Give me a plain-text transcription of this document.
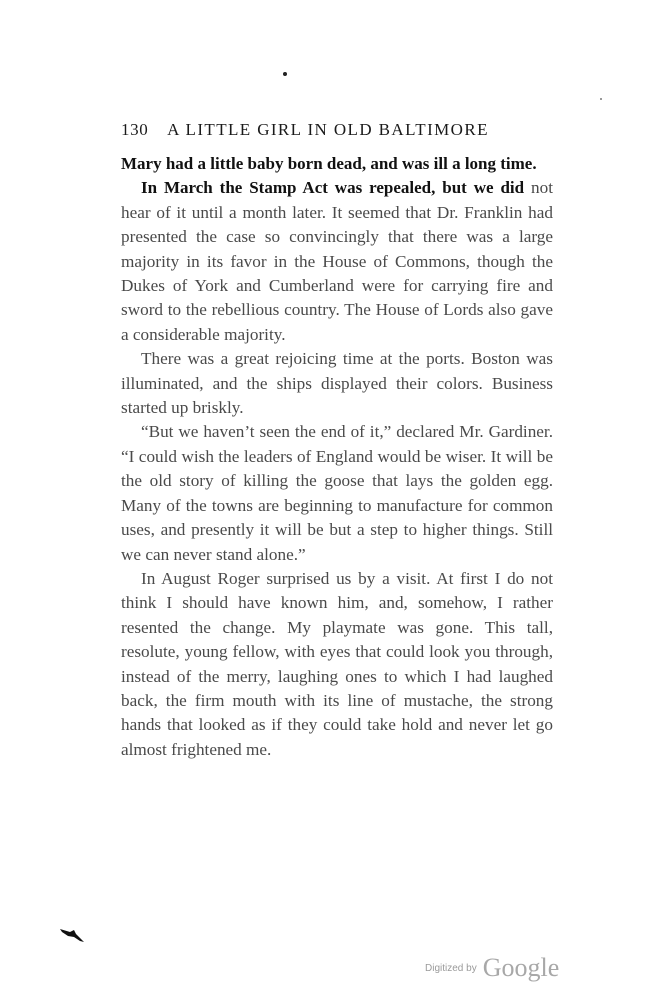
130 A LITTLE GIRL IN OLD BALTIMORE

Mary had a little baby born dead, and was ill a long time.

In March the Stamp Act was repealed, but we did not hear of it until a month later. It seemed that Dr. Franklin had presented the case so convincingly that there was a large majority in its favor in the House of Commons, though the Dukes of York and Cumberland were for carrying fire and sword to the rebellious country. The House of Lords also gave a considerable majority.

There was a great rejoicing time at the ports. Boston was illuminated, and the ships displayed their colors. Business started up briskly.

“But we haven’t seen the end of it,” declared Mr. Gardiner. “I could wish the leaders of England would be wiser. It will be the old story of killing the goose that lays the golden egg. Many of the towns are beginning to manufacture for common uses, and presently it will be but a step to higher things. Still we can never stand alone.”

In August Roger surprised us by a visit. At first I do not think I should have known him, and, somehow, I rather resented the change. My playmate was gone. This tall, resolute, young fellow, with eyes that could look you through, instead of the merry, laughing ones to which I had laughed back, the firm mouth with its line of mustache, the strong hands that looked as if they could take hold and never let go almost frightened me.

Digitized by Google
